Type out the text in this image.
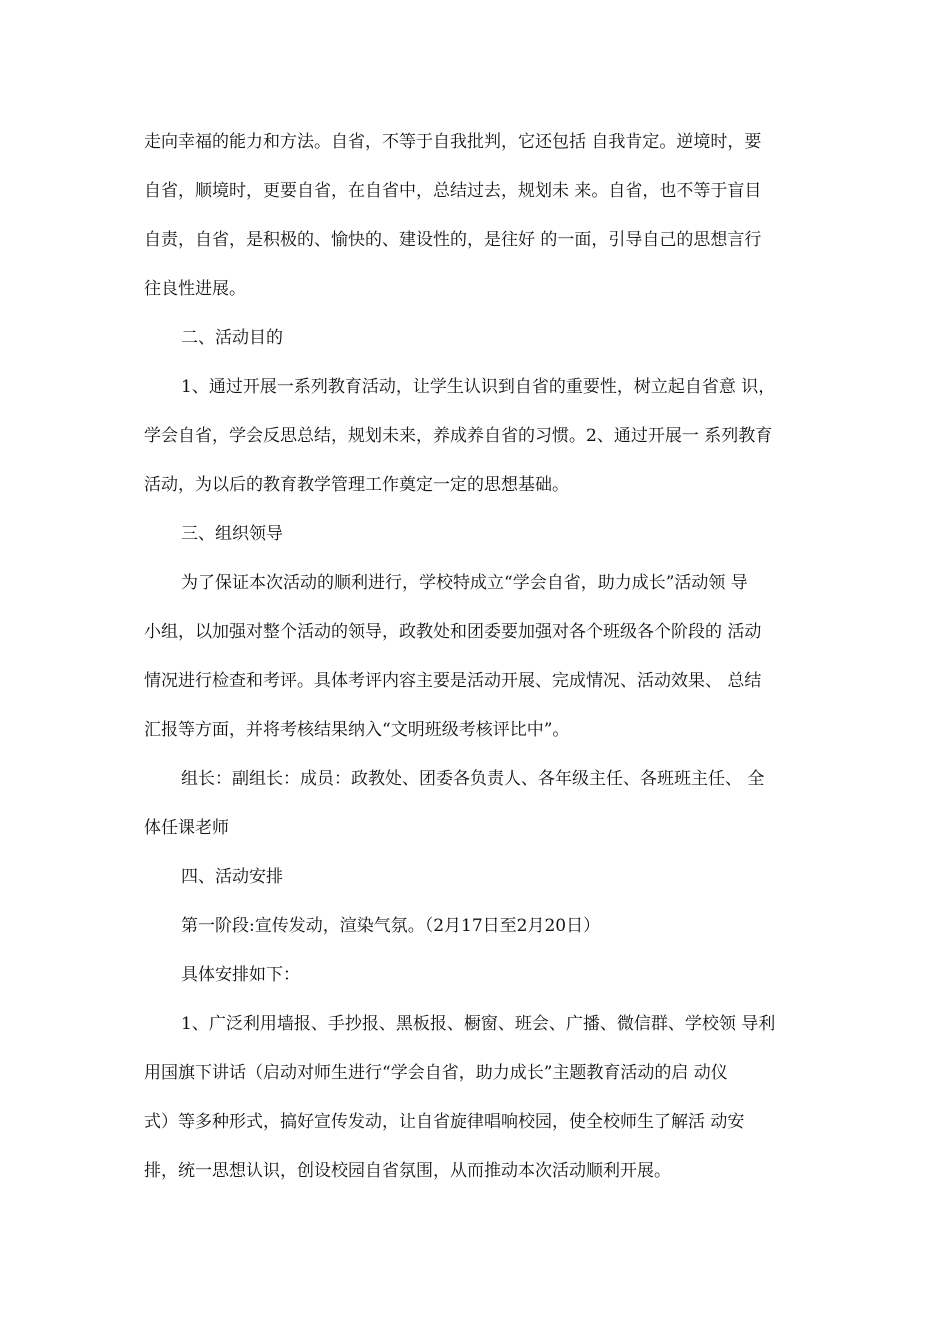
走向幸福的能力和方法。自省，不等于自我批判，它还包括 自我肯定。逆境时，要
自省，顺境时，更要自省，在自省中，总结过去，规划未 来。自省，也不等于盲目
自责，自省，是积极的、愉快的、建设性的，是往好 的一面，引导自己的思想言行
往良性进展。
二、活动目的
1、通过开展一系列教育活动，让学生认识到自省的重要性，树立起自省意 识，
学会自省，学会反思总结，规划未来，养成养自省的习惯。2、通过开展一 系列教育
活动，为以后的教育教学管理工作奠定一定的思想基础。
三、组织领导
为了保证本次活动的顺利进行，学校特成立“学会自省，助力成长”活动领 导
小组，以加强对整个活动的领导，政教处和团委要加强对各个班级各个阶段的 活动
情况进行检查和考评。具体考评内容主要是活动开展、完成情况、活动效果、 总结
汇报等方面，并将考核结果纳入“文明班级考核评比中”。
组长：副组长：成员：政教处、团委各负责人、各年级主任、各班班主任、 全
体任课老师
四、活动安排
第一阶段:宣传发动，渲染气氛。（2月17日至2月20日）
具体安排如下：
1、广泛利用墙报、手抄报、黑板报、橱窗、班会、广播、微信群、学校领 导利
用国旗下讲话（启动对师生进行“学会自省，助力成长”主题教育活动的启 动仪
式）等多种形式，搞好宣传发动，让自省旋律唱响校园，使全校师生了解活 动安
排，统一思想认识，创设校园自省氛围，从而推动本次活动顺利开展。
